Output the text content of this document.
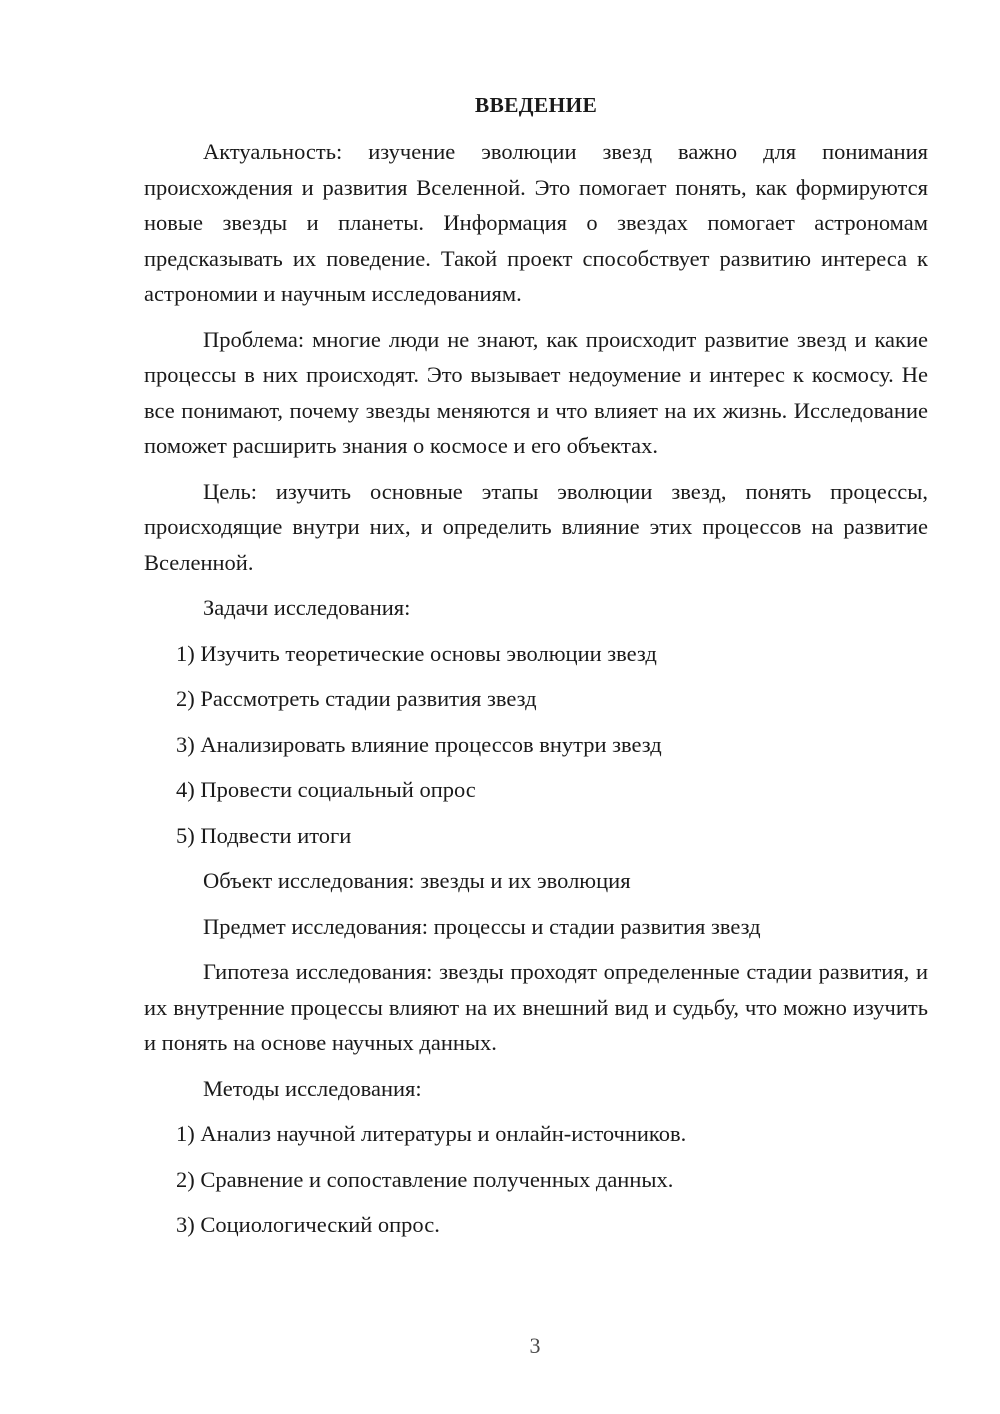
ВВЕДЕНИЕ

Актуальность: изучение эволюции звезд важно для понимания происхождения и развития Вселенной. Это помогает понять, как формируются новые звезды и планеты. Информация о звездах помогает астрономам предсказывать их поведение. Такой проект способствует развитию интереса к астрономии и научным исследованиям.

Проблема: многие люди не знают, как происходит развитие звезд и какие процессы в них происходят. Это вызывает недоумение и интерес к космосу. Не все понимают, почему звезды меняются и что влияет на их жизнь. Исследование поможет расширить знания о космосе и его объектах.

Цель: изучить основные этапы эволюции звезд, понять процессы, происходящие внутри них, и определить влияние этих процессов на развитие Вселенной.

Задачи исследования:

1) Изучить теоретические основы эволюции звезд

2) Рассмотреть стадии развития звезд

3) Анализировать влияние процессов внутри звезд

4) Провести социальный опрос

5) Подвести итоги

Объект исследования: звезды и их эволюция

Предмет исследования: процессы и стадии развития звезд

Гипотеза исследования: звезды проходят определенные стадии развития, и их внутренние процессы влияют на их внешний вид и судьбу, что можно изучить и понять на основе научных данных.

Методы исследования:

1) Анализ научной литературы и онлайн-источников.

2) Сравнение и сопоставление полученных данных.

3) Социологический опрос.

3
